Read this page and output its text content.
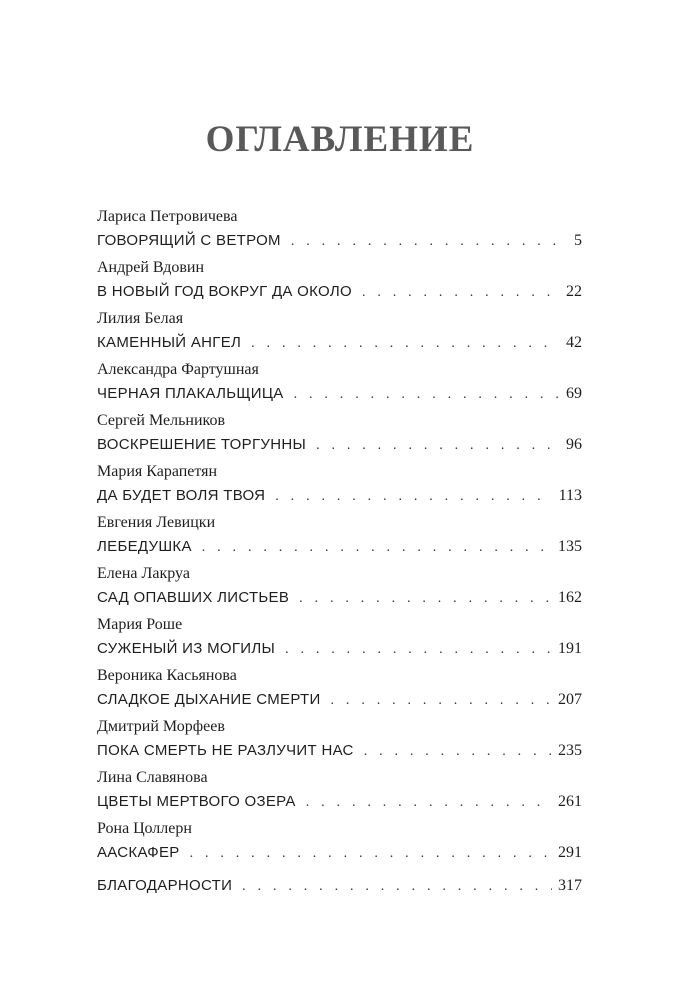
ОГЛАВЛЕНИЕ
Лариса Петровичева
ГОВОРЯЩИЙ С ВЕТРОМ . . .	5
Андрей Вдовин
В НОВЫЙ ГОД ВОКРУГ ДА ОКОЛО . . .	22
Лилия Белая
КАМЕННЫЙ АНГЕЛ . . .	42
Александра Фартушная
ЧЕРНАЯ ПЛАКАЛЬЩИЦА . . .	69
Сергей Мельников
ВОСКРЕШЕНИЕ ТОРГУННЫ . . .	96
Мария Карапетян
ДА БУДЕТ ВОЛЯ ТВОЯ . . .	113
Евгения Левицки
ЛЕБЕДУШКА . . .	135
Елена Лакруа
САД ОПАВШИХ ЛИСТЬЕВ . . .	162
Мария Роше
СУЖЕНЫЙ ИЗ МОГИЛЫ . . .	191
Вероника Касьянова
СЛАДКОЕ ДЫХАНИЕ СМЕРТИ . . .	207
Дмитрий Морфеев
ПОКА СМЕРТЬ НЕ РАЗЛУЧИТ НАС . . .	235
Лина Славянова
ЦВЕТЫ МЕРТВОГО ОЗЕРА . . .	261
Рона Цоллерн
ААСКАФЕР . . .	291
БЛАГОДАРНОСТИ . . .	317
